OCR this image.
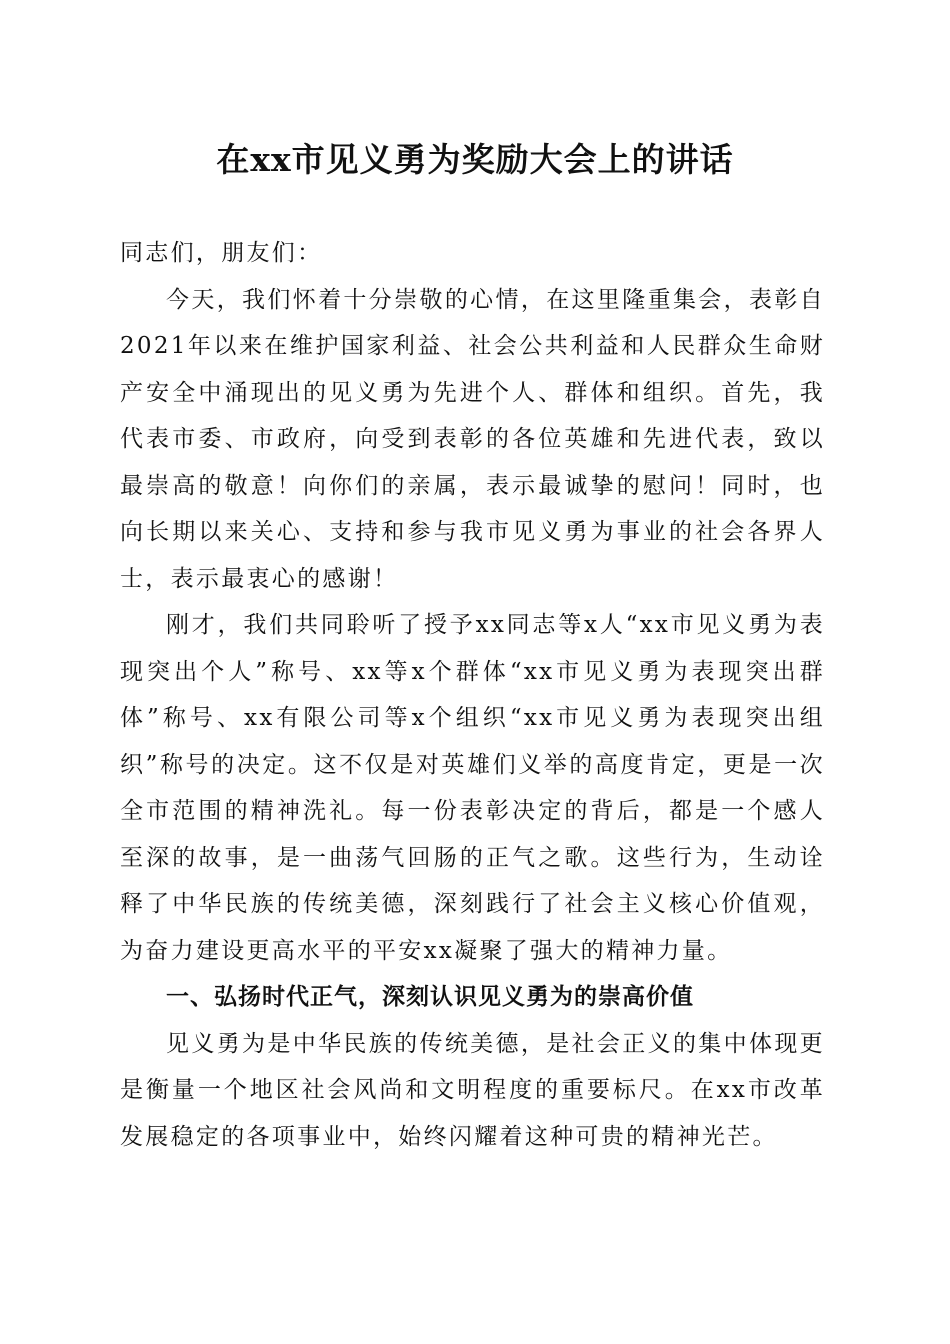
在xx市见义勇为奖励大会上的讲话

同志们，朋友们：

今天，我们怀着十分崇敬的心情，在这里隆重集会，表彰自2021年以来在维护国家利益、社会公共利益和人民群众生命财产安全中涌现出的见义勇为先进个人、群体和组织。首先，我代表市委、市政府，向受到表彰的各位英雄和先进代表，致以最崇高的敬意！向你们的亲属，表示最诚挚的慰问！同时，也向长期以来关心、支持和参与我市见义勇为事业的社会各界人士，表示最衷心的感谢！

刚才，我们共同聆听了授予xx同志等x人“xx市见义勇为表现突出个人”称号、xx等x个群体“xx市见义勇为表现突出群体”称号、xx有限公司等x个组织“xx市见义勇为表现突出组织”称号的决定。这不仅是对英雄们义举的高度肯定，更是一次全市范围的精神洗礼。每一份表彰决定的背后，都是一个感人至深的故事，是一曲荡气回肠的正气之歌。这些行为，生动诠释了中华民族的传统美德，深刻践行了社会主义核心价值观，为奋力建设更高水平的平安xx凝聚了强大的精神力量。

一、弘扬时代正气，深刻认识见义勇为的崇高价值

见义勇为是中华民族的传统美德，是社会正义的集中体现更是衡量一个地区社会风尚和文明程度的重要标尺。在xx市改革发展稳定的各项事业中，始终闪耀着这种可贵的精神光芒。
